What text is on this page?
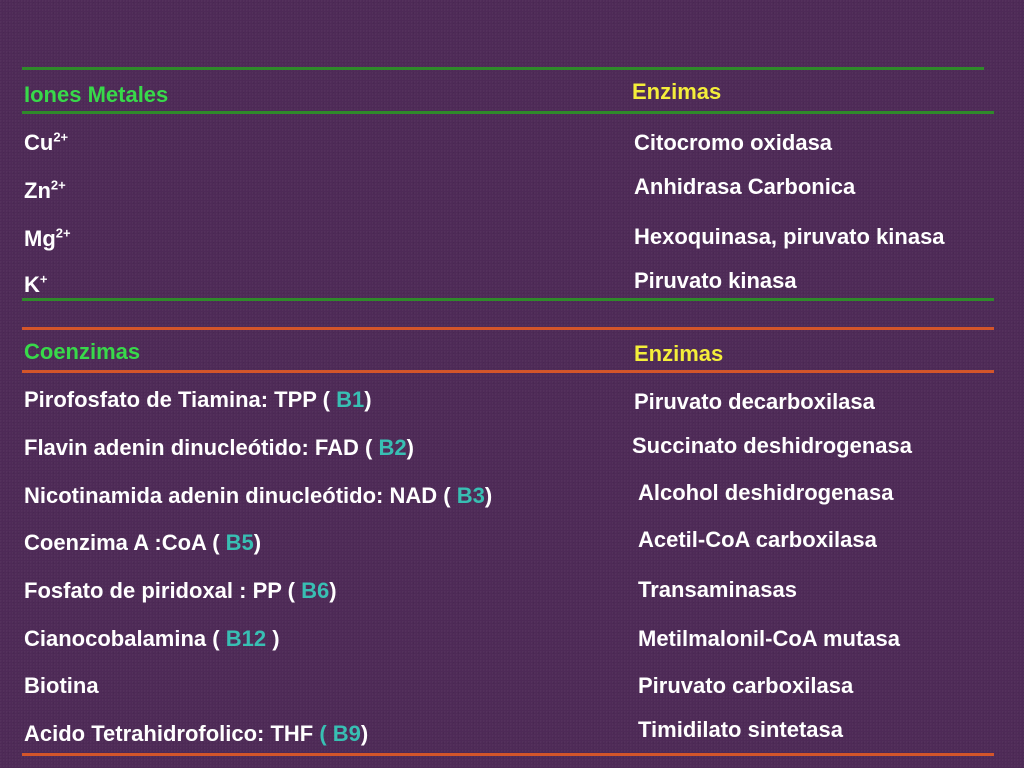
Iones Metales	Enzimas
$Cu^{2+}$
$Zn^{2+}$
$Mg^{2+}$
K+
Citocromo oxidasa
Anhidrasa Carbonica
Hexoquinasa, piruvato kinasa
Piruvato kinasa
Coenzimas	Enzimas
Pirofosfato de Tiamina: TPP ( B1)
Flavin adenin dinucleótido: FAD ( B2)
Nicotinamida adenin dinucleótido: NAD ( B3)
Coenzima A :CoA ( B5)
Fosfato de piridoxal : PP ( B6)
Cianocobalamina ( B12 )
Biotina
Acido Tetrahidrofolico: THF ( B9)
Piruvato decarboxilasa
Succinato deshidrogenasa
Alcohol deshidrogenasa
Acetil-CoA carboxilasa
Transaminasas
Metilmalonil-CoA mutasa
Piruvato carboxilasa
Timidilato sintetasa
